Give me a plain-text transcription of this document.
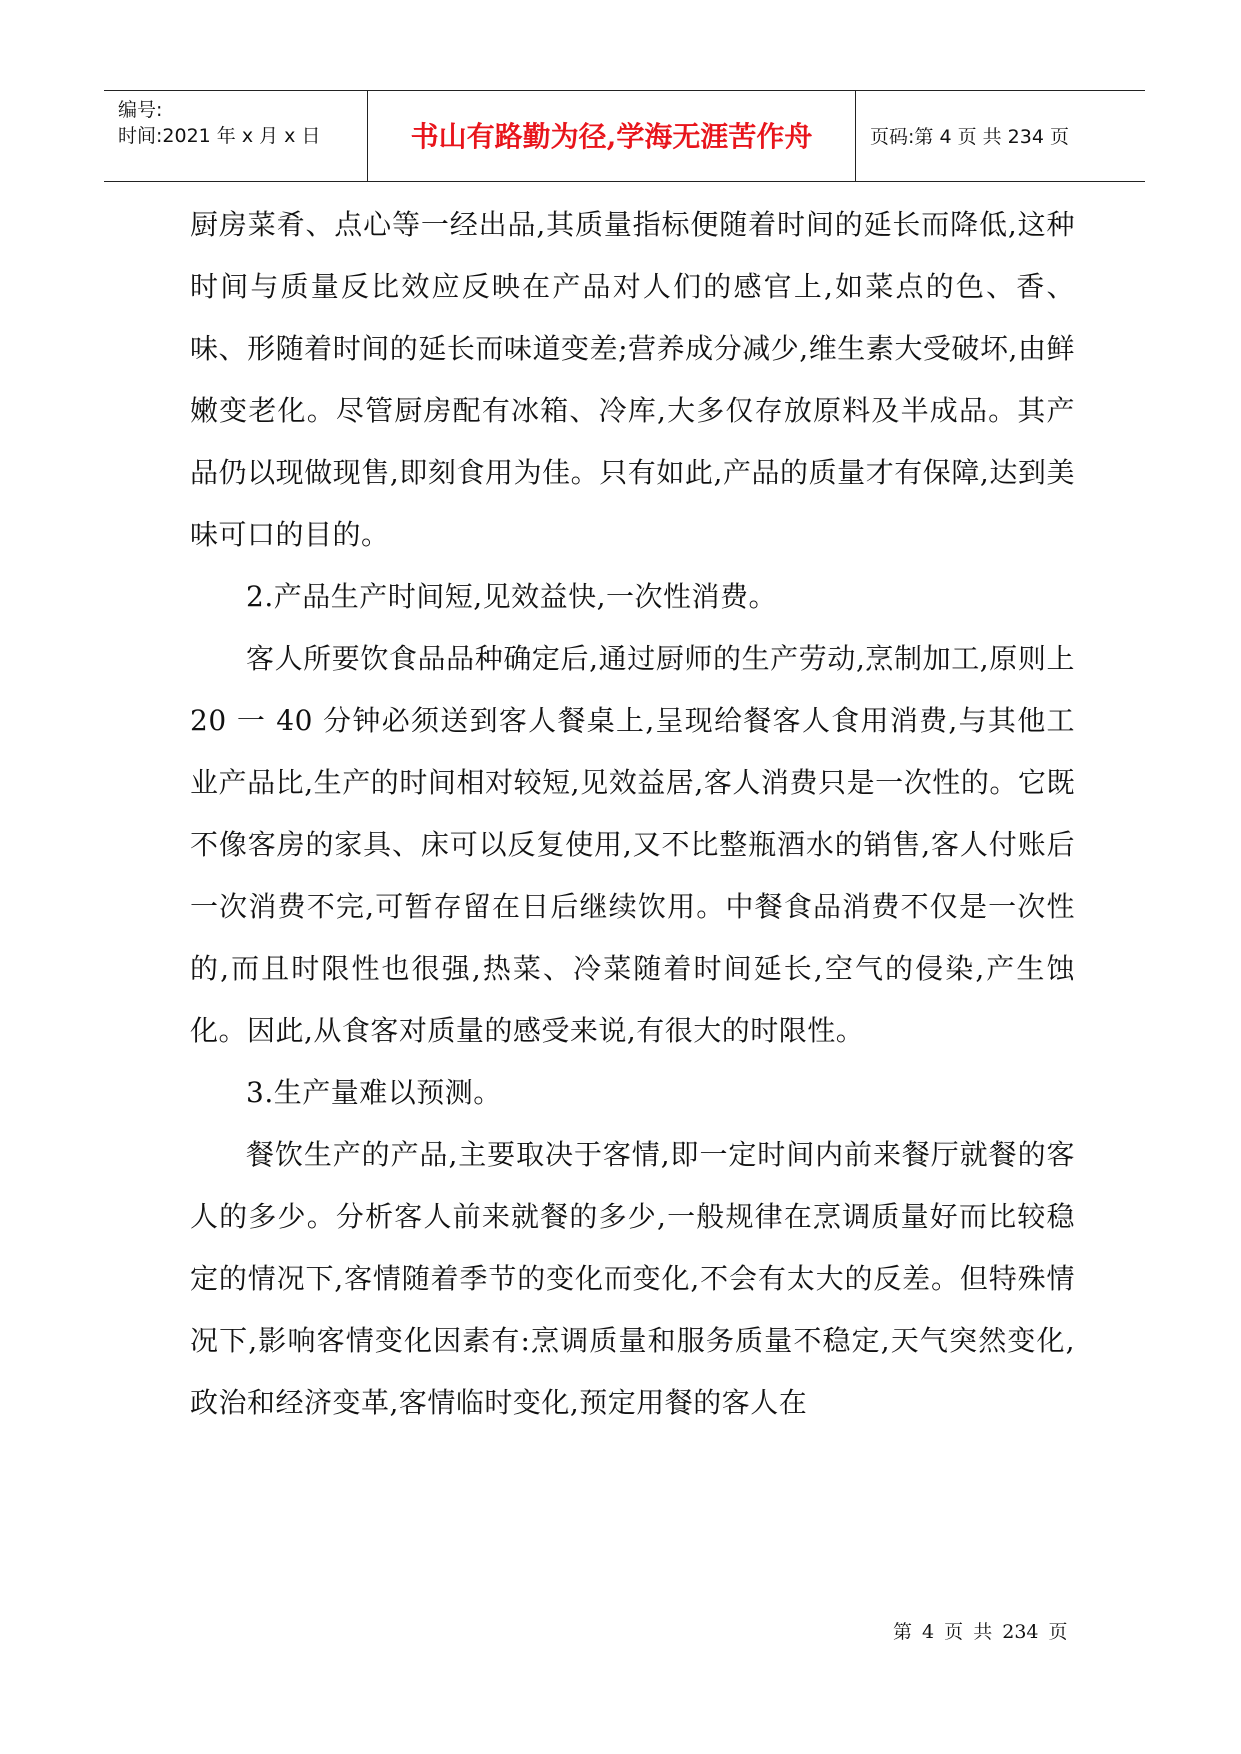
编号:
时间:2021 年 x 月 x 日	书山有路勤为径,学海无涯苦作舟	页码:第 4 页 共 234 页

厨房菜肴、点心等一经出品,其质量指标便随着时间的延长而降低,这种时间与质量反比效应反映在产品对人们的感官上,如菜点的色、香、味、形随着时间的延长而味道变差;营养成分减少,维生素大受破坏,由鲜嫩变老化。尽管厨房配有冰箱、冷库,大多仅存放原料及半成品。其产品仍以现做现售,即刻食用为佳。只有如此,产品的质量才有保障,达到美味可口的目的。

2.产品生产时间短,见效益快,一次性消费。

客人所要饮食品品种确定后,通过厨师的生产劳动,烹制加工,原则上 20 一 40 分钟必须送到客人餐桌上,呈现给餐客人食用消费,与其他工业产品比,生产的时间相对较短,见效益居,客人消费只是一次性的。它既不像客房的家具、床可以反复使用,又不比整瓶酒水的销售,客人付账后一次消费不完,可暂存留在日后继续饮用。中餐食品消费不仅是一次性的,而且时限性也很强,热菜、冷菜随着时间延长,空气的侵染,产生蚀化。因此,从食客对质量的感受来说,有很大的时限性。

3.生产量难以预测。

餐饮生产的产品,主要取决于客情,即一定时间内前来餐厅就餐的客人的多少。分析客人前来就餐的多少,一般规律在烹调质量好而比较稳定的情况下,客情随着季节的变化而变化,不会有太大的反差。但特殊情况下,影响客情变化因素有:烹调质量和服务质量不稳定,天气突然变化,政治和经济变革,客情临时变化,预定用餐的客人在

第 4 页 共 234 页
